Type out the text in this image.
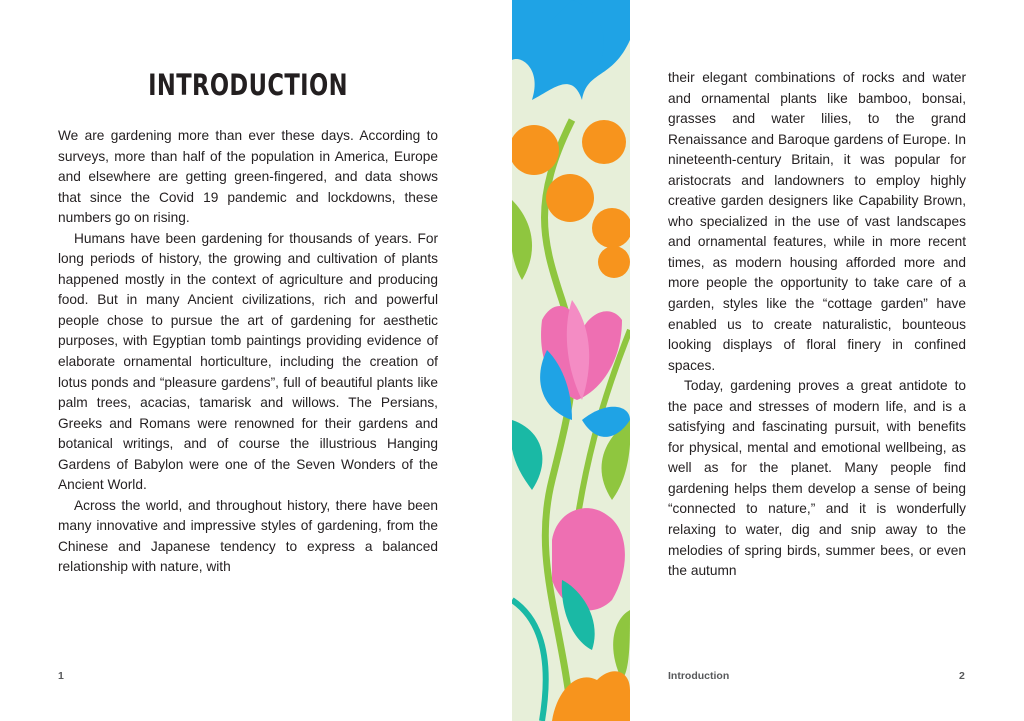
INTRODUCTION

We are gardening more than ever these days. According to surveys, more than half of the population in America, Europe and elsewhere are getting green-fingered, and data shows that since the Covid 19 pandemic and lockdowns, these numbers go on rising.

Humans have been gardening for thousands of years. For long periods of history, the growing and cultivation of plants happened mostly in the context of agriculture and producing food. But in many Ancient civilizations, rich and powerful people chose to pursue the art of gardening for aesthetic purposes, with Egyptian tomb paintings providing evidence of elaborate ornamental horticulture, including the creation of lotus ponds and “pleasure gardens”, full of beautiful plants like palm trees, acacias, tamarisk and willows. The Persians, Greeks and Romans were renowned for their gardens and botanical writings, and of course the illustrious Hanging Gardens of Babylon were one of the Seven Wonders of the Ancient World.

Across the world, and throughout history, there have been many innovative and impressive styles of gardening, from the Chinese and Japanese tendency to express a balanced relationship with nature, with

1

their elegant combinations of rocks and water and ornamental plants like bamboo, bonsai, grasses and water lilies, to the grand Renaissance and Baroque gardens of Europe. In nineteenth-century Britain, it was popular for aristocrats and landowners to employ highly creative garden designers like Capability Brown, who specialized in the use of vast landscapes and ornamental features, while in more recent times, as modern housing afforded more and more people the opportunity to take care of a garden, styles like the “cottage garden” have enabled us to create naturalistic, bounteous looking displays of floral finery in confined spaces.

Today, gardening proves a great antidote to the pace and stresses of modern life, and is a satisfying and fascinating pursuit, with benefits for physical, mental and emotional wellbeing, as well as for the planet. Many people find gardening helps them develop a sense of being “connected to nature,” and it is wonderfully relaxing to water, dig and snip away to the melodies of spring birds, summer bees, or even the autumn

Introduction	2
